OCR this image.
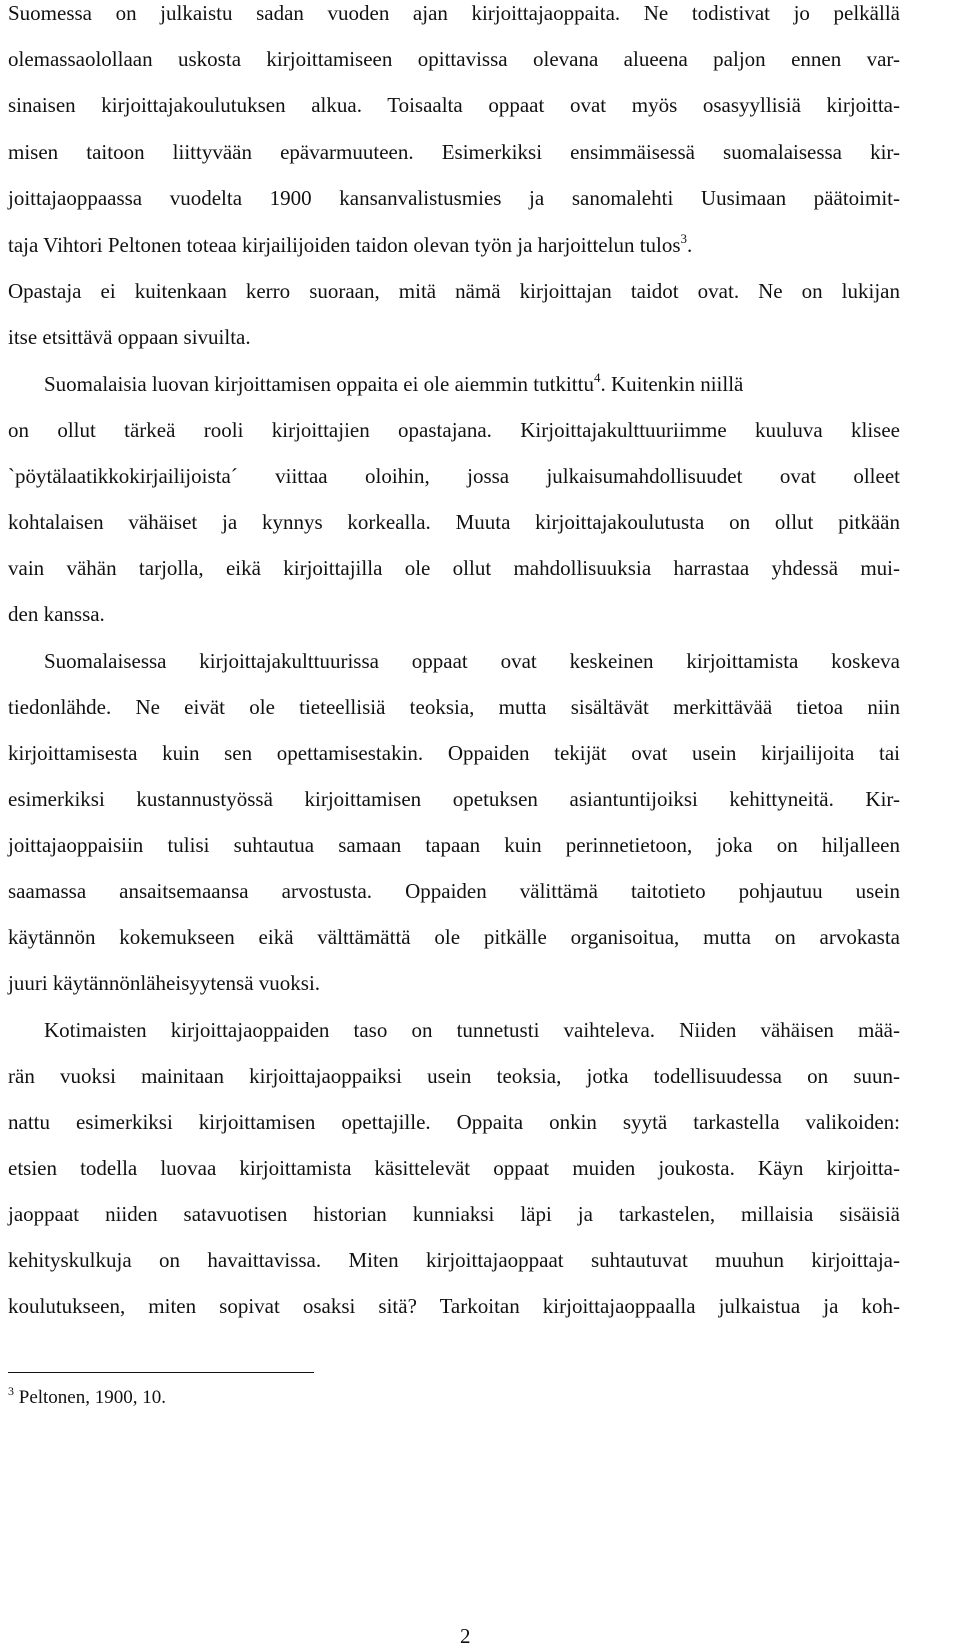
Suomessa on julkaistu sadan vuoden ajan kirjoittajaoppaita. Ne todistivat jo pelkällä
olemassaolollaan uskosta kirjoittamiseen opittavissa olevana alueena paljon ennen var-
sinaisen kirjoittajakoulutuksen alkua. Toisaalta oppaat ovat myös osasyyllisiä kirjoitta-
misen taitoon liittyvään epävarmuuteen. Esimerkiksi ensimmäisessä suomalaisessa kir-
joittajaoppaassa vuodelta 1900 kansanvalistusmies ja sanomalehti Uusimaan päätoimit-
taja Vihtori Peltonen toteaa kirjailijoiden taidon olevan työn ja harjoittelun tulos$^3$.
Opastaja ei kuitenkaan kerro suoraan, mitä nämä kirjoittajan taidot ovat. Ne on lukijan
itse etsittävä oppaan sivuilta.
Suomalaisia luovan kirjoittamisen oppaita ei ole aiemmin tutkittu$^4$. Kuitenkin niillä
on ollut tärkeä rooli kirjoittajien opastajana. Kirjoittajakulttuuriimme kuuluva klisee
`pöytälaatikkokirjailijoista´ viittaa oloihin, jossa julkaisumahdollisuudet ovat olleet
kohtalaisen vähäiset ja kynnys korkealla. Muuta kirjoittajakoulutusta on ollut pitkään
vain vähän tarjolla, eikä kirjoittajilla ole ollut mahdollisuuksia harrastaa yhdessä mui-
den kanssa.
Suomalaisessa kirjoittajakulttuurissa oppaat ovat keskeinen kirjoittamista koskeva
tiedonlähde. Ne eivät ole tieteellisiä teoksia, mutta sisältävät merkittävää tietoa niin
kirjoittamisesta kuin sen opettamisestakin. Oppaiden tekijät ovat usein kirjailijoita tai
esimerkiksi kustannustyössä kirjoittamisen opetuksen asiantuntijoiksi kehittyneitä. Kir-
joittajaoppaisiin tulisi suhtautua samaan tapaan kuin perinnetietoon, joka on hiljalleen
saamassa ansaitsemaansa arvostusta. Oppaiden välittämä taitotieto pohjautuu usein
käytännön kokemukseen eikä välttämättä ole pitkälle organisoitua, mutta on arvokasta
juuri käytännönläheisyytensä vuoksi.
Kotimaisten kirjoittajaoppaiden taso on tunnetusti vaihteleva. Niiden vähäisen mää-
rän vuoksi mainitaan kirjoittajaoppaiksi usein teoksia, jotka todellisuudessa on suun-
nattu esimerkiksi kirjoittamisen opettajille. Oppaita onkin syytä tarkastella valikoiden:
etsien todella luovaa kirjoittamista käsittelevät oppaat muiden joukosta. Käyn kirjoitta-
jaoppaat niiden satavuotisen historian kunniaksi läpi ja tarkastelen, millaisia sisäisiä
kehityskulkuja on havaittavissa. Miten kirjoittajaoppaat suhtautuvat muuhun kirjoittaja-
koulutukseen, miten sopivat osaksi sitä? Tarkoitan kirjoittajaoppaalla julkaistua ja koh-
$^3$ Peltonen, 1900, 10.
2
